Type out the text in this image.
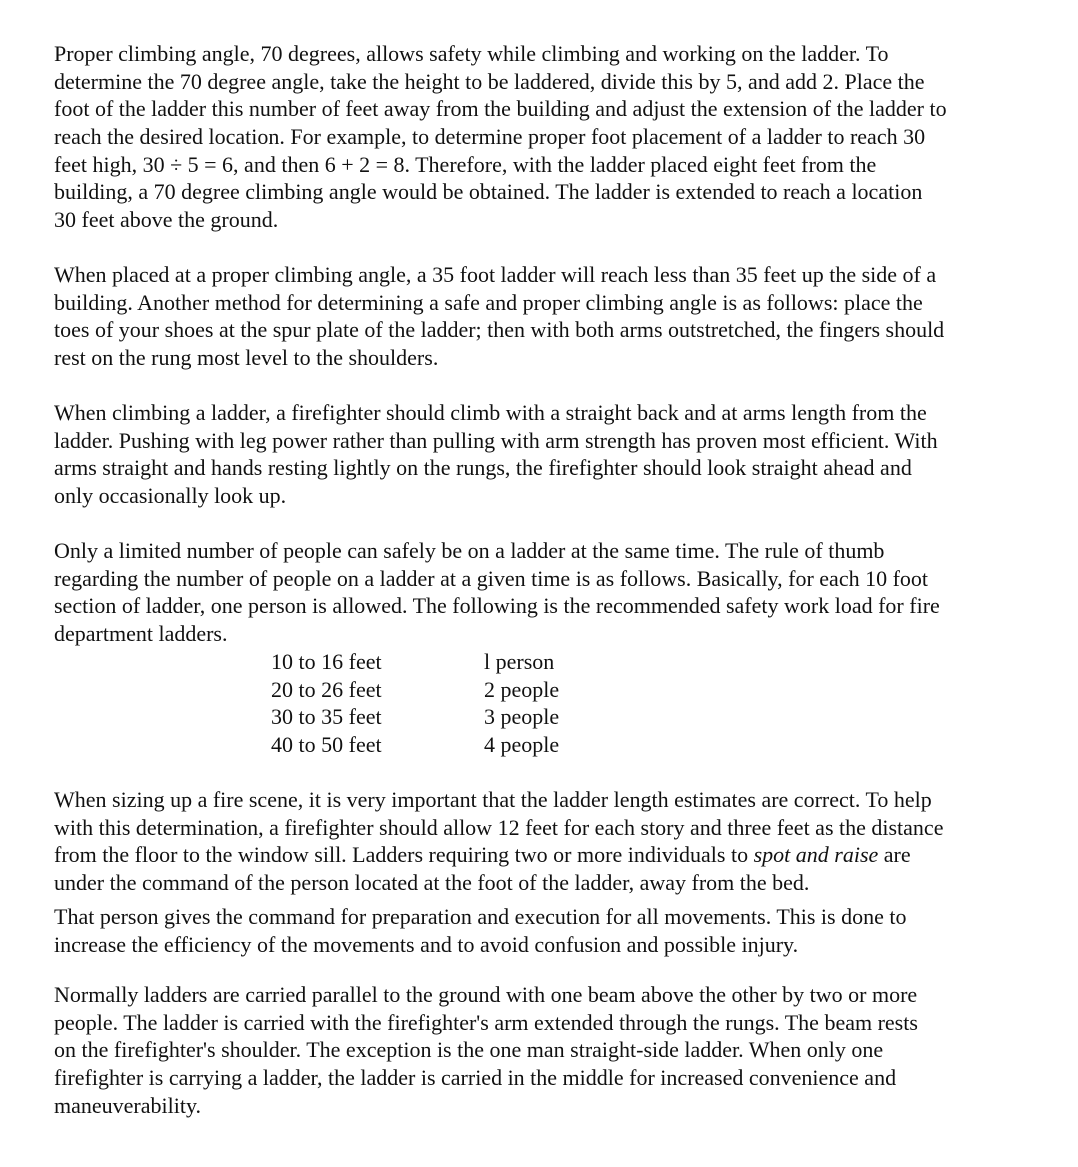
Proper climbing angle, 70 degrees, allows safety while climbing and working on the ladder. To
determine the 70 degree angle, take the height to be laddered, divide this by 5, and add 2. Place the
foot of the ladder this number of feet away from the building and adjust the extension of the ladder to
reach the desired location. For example, to determine proper foot placement of a ladder to reach 30
feet high, 30 ÷ 5 = 6, and then 6 + 2 = 8. Therefore, with the ladder placed eight feet from the
building, a 70 degree climbing angle would be obtained. The ladder is extended to reach a location
30 feet above the ground.
When placed at a proper climbing angle, a 35 foot ladder will reach less than 35 feet up the side of a
building. Another method for determining a safe and proper climbing angle is as follows: place the
toes of your shoes at the spur plate of the ladder; then with both arms outstretched, the fingers should
rest on the rung most level to the shoulders.
When climbing a ladder, a firefighter should climb with a straight back and at arms length from the
ladder. Pushing with leg power rather than pulling with arm strength has proven most efficient. With
arms straight and hands resting lightly on the rungs, the firefighter should look straight ahead and
only occasionally look up.
Only a limited number of people can safely be on a ladder at the same time. The rule of thumb
regarding the number of people on a ladder at a given time is as follows. Basically, for each 10 foot
section of ladder, one person is allowed. The following is the recommended safety work load for fire
department ladders.
10 to 16 feet	l person
20 to 26 feet	2 people
30 to 35 feet	3 people
40 to 50 feet	4 people
When sizing up a fire scene, it is very important that the ladder length estimates are correct. To help
with this determination, a firefighter should allow 12 feet for each story and three feet as the distance
from the floor to the window sill. Ladders requiring two or more individuals to spot and raise are
under the command of the person located at the foot of the ladder, away from the bed.
That person gives the command for preparation and execution for all movements. This is done to
increase the efficiency of the movements and to avoid confusion and possible injury.
Normally ladders are carried parallel to the ground with one beam above the other by two or more
people. The ladder is carried with the firefighter's arm extended through the rungs. The beam rests
on the firefighter's shoulder. The exception is the one man straight-side ladder. When only one
firefighter is carrying a ladder, the ladder is carried in the middle for increased convenience and
maneuverability.
